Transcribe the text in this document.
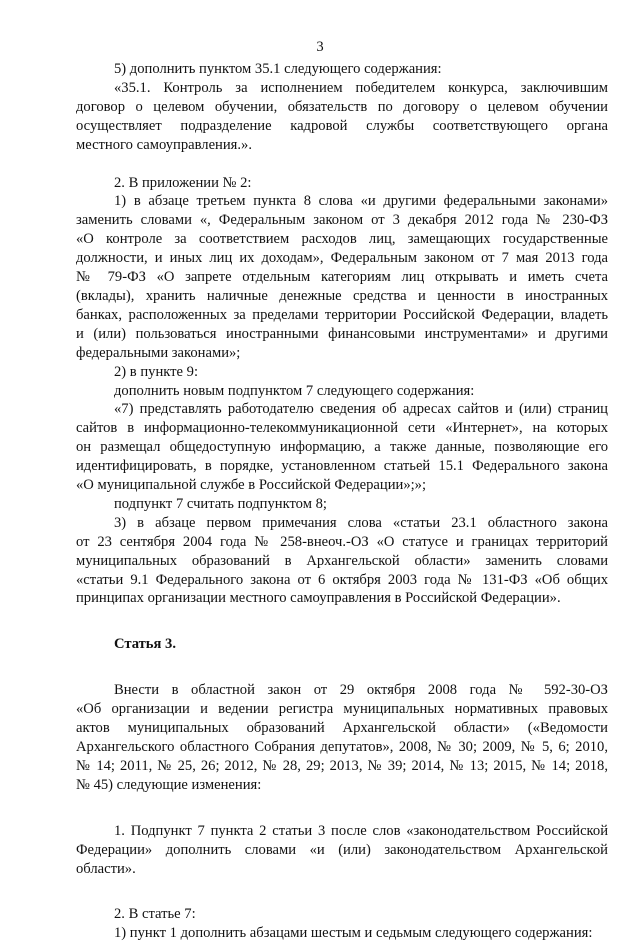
3

5) дополнить пунктом 35.1 следующего содержания:

«35.1. Контроль за исполнением победителем конкурса, заключившим

договор о целевом обучении, обязательств по договору о целевом обучении

осуществляет подразделение кадровой службы соответствующего органа

местного самоуправления.».

2. В приложении № 2:

1) в абзаце третьем пункта 8 слова «и другими федеральными законами»

заменить словами «, Федеральным законом от 3 декабря 2012 года № 230-ФЗ

«О контроле за соответствием расходов лиц, замещающих государственные

должности, и иных лиц их доходам», Федеральным законом от 7 мая 2013 года

№ 79-ФЗ «О запрете отдельным категориям лиц открывать и иметь счета

(вклады), хранить наличные денежные средства и ценности в иностранных

банках, расположенных за пределами территории Российской Федерации, владеть

и (или) пользоваться иностранными финансовыми инструментами» и другими

федеральными законами»;

2) в пункте 9:

дополнить новым подпунктом 7 следующего содержания:

«7) представлять работодателю сведения об адресах сайтов и (или) страниц

сайтов в информационно-телекоммуникационной сети «Интернет», на которых

он размещал общедоступную информацию, а также данные, позволяющие его

идентифицировать, в порядке, установленном статьей 15.1 Федерального закона

«О муниципальной службе в Российской Федерации»;»;

подпункт 7 считать подпунктом 8;

3) в абзаце первом примечания слова «статьи 23.1 областного закона

от 23 сентября 2004 года № 258-внеоч.-ОЗ «О статусе и границах территорий

муниципальных образований в Архангельской области» заменить словами

«статьи 9.1 Федерального закона от 6 октября 2003 года № 131-ФЗ «Об общих

принципах организации местного самоуправления в Российской Федерации».

Статья 3.

Внести в областной закон от 29 октября 2008 года № 592-30-ОЗ

«Об организации и ведении регистра муниципальных нормативных правовых

актов муниципальных образований Архангельской области» («Ведомости

Архангельского областного Собрания депутатов», 2008, № 30; 2009, № 5, 6; 2010,

№ 14; 2011, № 25, 26; 2012, № 28, 29; 2013, № 39; 2014, № 13; 2015, № 14; 2018,

№ 45) следующие изменения:

1. Подпункт 7 пункта 2 статьи 3 после слов «законодательством Российской

Федерации» дополнить словами «и (или) законодательством Архангельской

области».

2. В статье 7:

1) пункт 1 дополнить абзацами шестым и седьмым следующего содержания:
